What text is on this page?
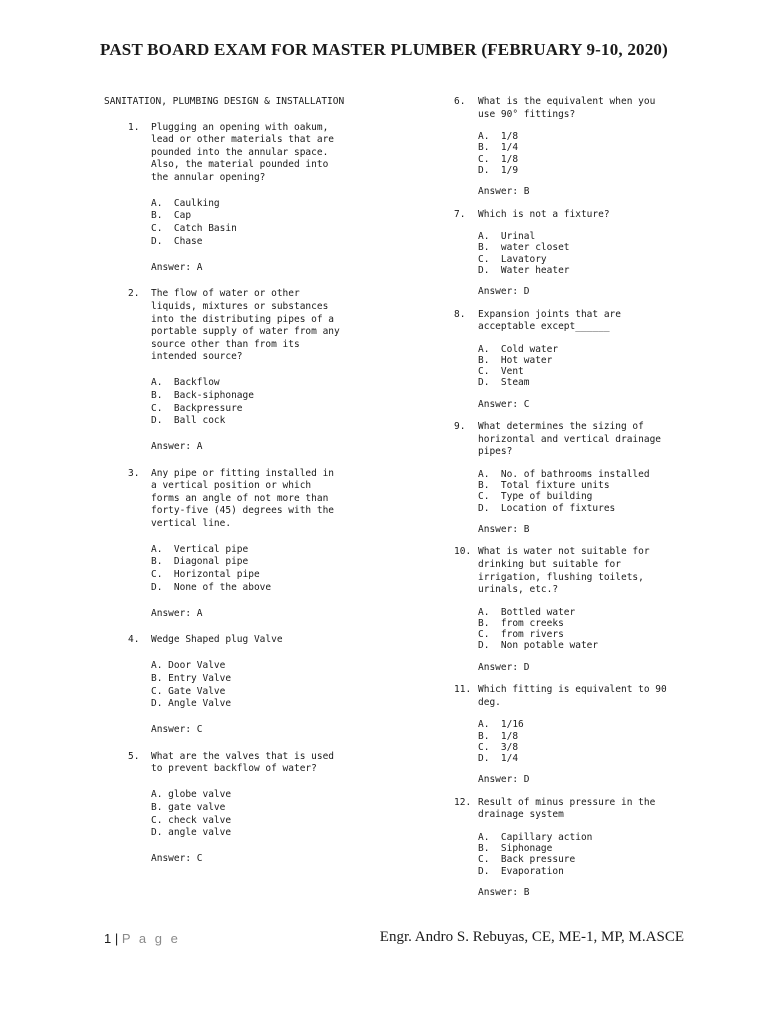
PAST BOARD EXAM FOR MASTER PLUMBER (FEBRUARY 9-10, 2020)
SANITATION, PLUMBING DESIGN & INSTALLATION
1. Plugging an opening with oakum,
lead or other materials that are
pounded into the annular space.
Also, the material pounded into
the annular opening?
A.  Caulking
B.  Cap
C.  Catch Basin
D.  Chase
Answer: A
2. The flow of water or other
liquids, mixtures or substances
into the distributing pipes of a
portable supply of water from any
source other than from its
intended source?
A.  Backflow
B.  Back-siphonage
C.  Backpressure
D.  Ball cock
Answer: A
3. Any pipe or fitting installed in
a vertical position or which
forms an angle of not more than
forty-five (45) degrees with the
vertical line.
A.  Vertical pipe
B.  Diagonal pipe
C.  Horizontal pipe
D.  None of the above
Answer: A
4. Wedge Shaped plug Valve
A. Door Valve
B. Entry Valve
C. Gate Valve
D. Angle Valve
Answer: C
5. What are the valves that is used
to prevent backflow of water?
A. globe valve
B. gate valve
C. check valve
D. angle valve
Answer: C
6. What is the equivalent when you
use 90° fittings?
A.  1/8
B.  1/4
C.  1/8
D.  1/9
Answer: B
7. Which is not a fixture?
A.  Urinal
B.  water closet
C.  Lavatory
D.  Water heater
Answer: D
8. Expansion joints that are
acceptable except______
A.  Cold water
B.  Hot water
C.  Vent
D.  Steam
Answer: C
9. What determines the sizing of
horizontal and vertical drainage
pipes?
A.  No. of bathrooms installed
B.  Total fixture units
C.  Type of building
D.  Location of fixtures
Answer: B
10. What is water not suitable for
drinking but suitable for
irrigation, flushing toilets,
urinals, etc.?
A.  Bottled water
B.  from creeks
C.  from rivers
D.  Non potable water
Answer: D
11. Which fitting is equivalent to 90
deg.
A.  1/16
B.  1/8
C.  3/8
D.  1/4
Answer: D
12. Result of minus pressure in the
drainage system
A.  Capillary action
B.  Siphonage
C.  Back pressure
D.  Evaporation
Answer: B
1 | P a g e	Engr. Andro S. Rebuyas, CE, ME-1, MP, M.ASCE
